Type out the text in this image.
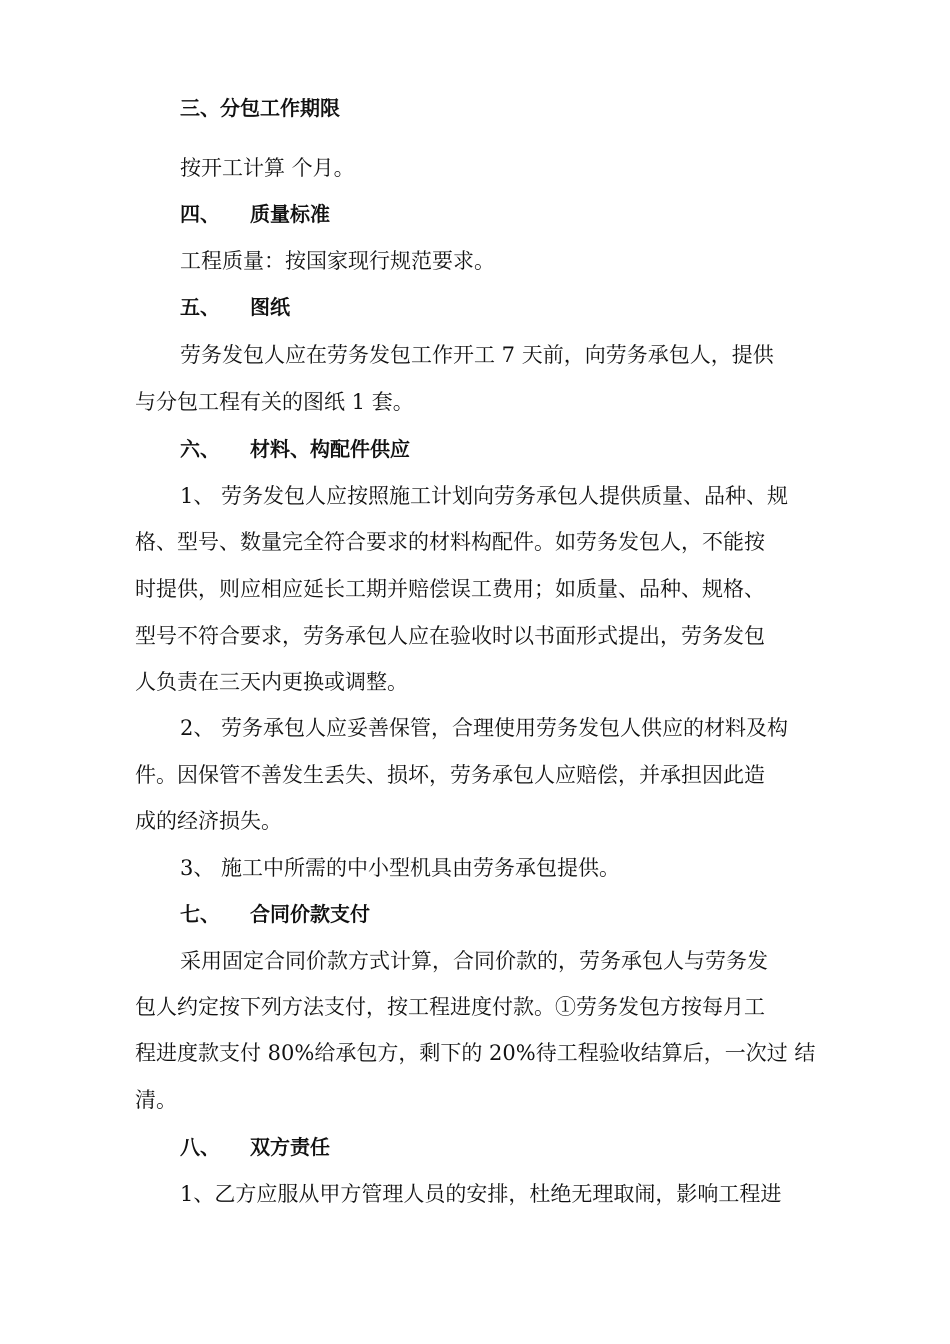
三、分包工作期限
按开工计算 个月。
四、 质量标准
工程质量：按国家现行规范要求。
五、 图纸
劳务发包人应在劳务发包工作开工 7 天前，向劳务承包人，提供
与分包工程有关的图纸 1 套。
六、 材料、构配件供应
1、 劳务发包人应按照施工计划向劳务承包人提供质量、品种、规
格、型号、数量完全符合要求的材料构配件。如劳务发包人，不能按
时提供，则应相应延长工期并赔偿误工费用；如质量、品种、规格、
型号不符合要求，劳务承包人应在验收时以书面形式提出，劳务发包
人负责在三天内更换或调整。
2、 劳务承包人应妥善保管，合理使用劳务发包人供应的材料及构
件。因保管不善发生丢失、损坏，劳务承包人应赔偿，并承担因此造
成的经济损失。
3、 施工中所需的中小型机具由劳务承包提供。
七、 合同价款支付
采用固定合同价款方式计算，合同价款的，劳务承包人与劳务发
包人约定按下列方法支付，按工程进度付款。①劳务发包方按每月工
程进度款支付 80%给承包方，剩下的 20%待工程验收结算后，一次过 结
清。
八、 双方责任
1、乙方应服从甲方管理人员的安排，杜绝无理取闹，影响工程进
